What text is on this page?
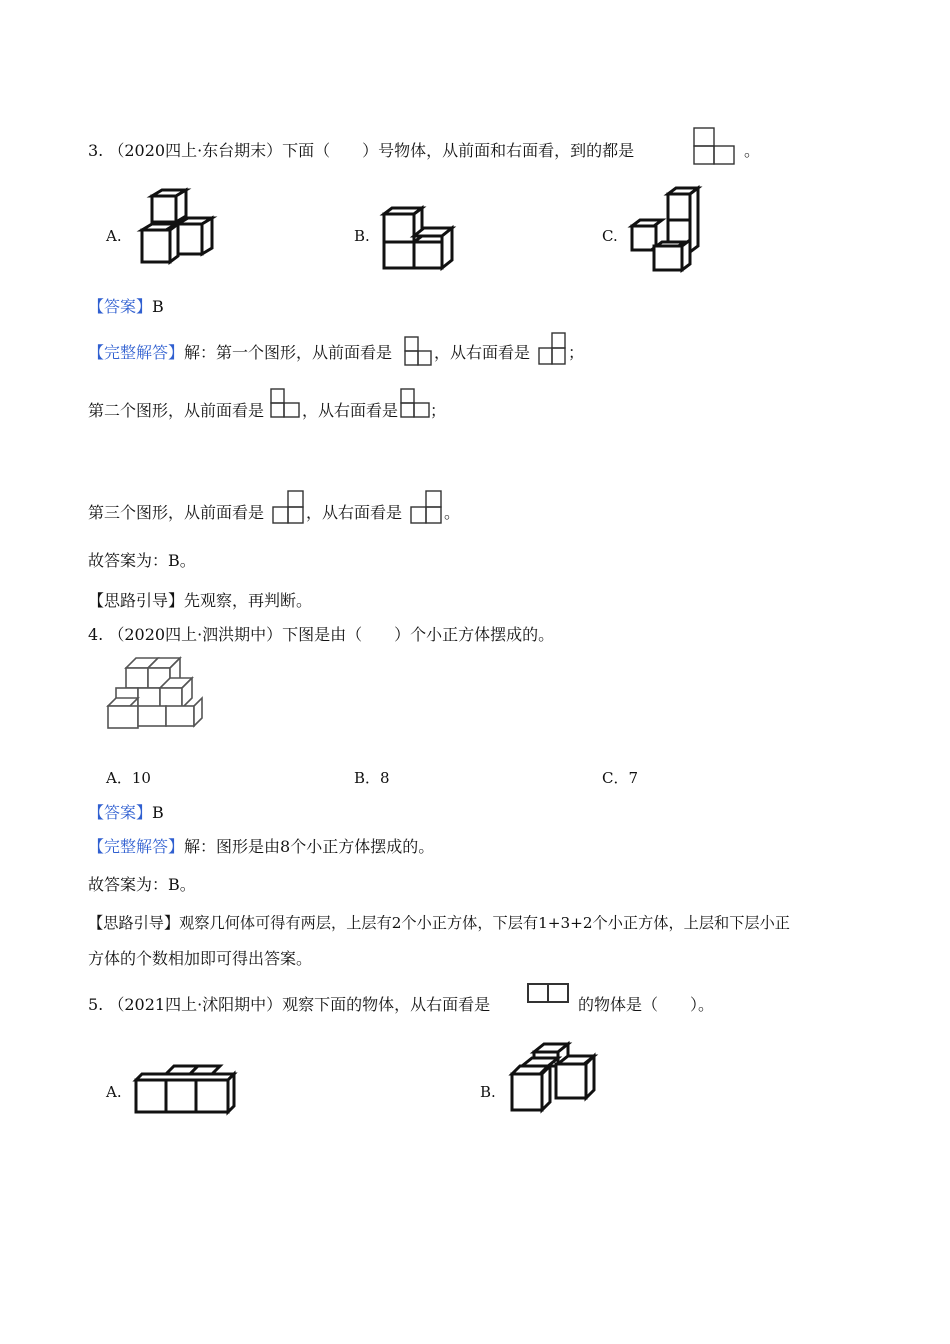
3. （2020四上·东台期末）下面（　　）号物体，从前面和右面看，到的都是	。
A.	B.	C.
【答案】B
【完整解答】解：第一个图形，从前面看是	，从右面看是 ；
第二个图形，从前面看是 ，从右面看是 ；
第三个图形，从前面看是	，从右面看是	。
故答案为：B。
【思路引导】先观察，再判断。
4. （2020四上·泗洪期中）下图是由（　　）个小正方体摆成的。
A．10	B．8	C．7
【答案】B
【完整解答】解：图形是由8个小正方体摆成的。
故答案为：B。
【思路引导】观察几何体可得有两层，上层有2个小正方体，下层有1+3+2个小正方体，上层和下层小正
方体的个数相加即可得出答案。
5. （2021四上·沭阳期中）观察下面的物体，从右面看是	的物体是（　　）。
A.	B.
